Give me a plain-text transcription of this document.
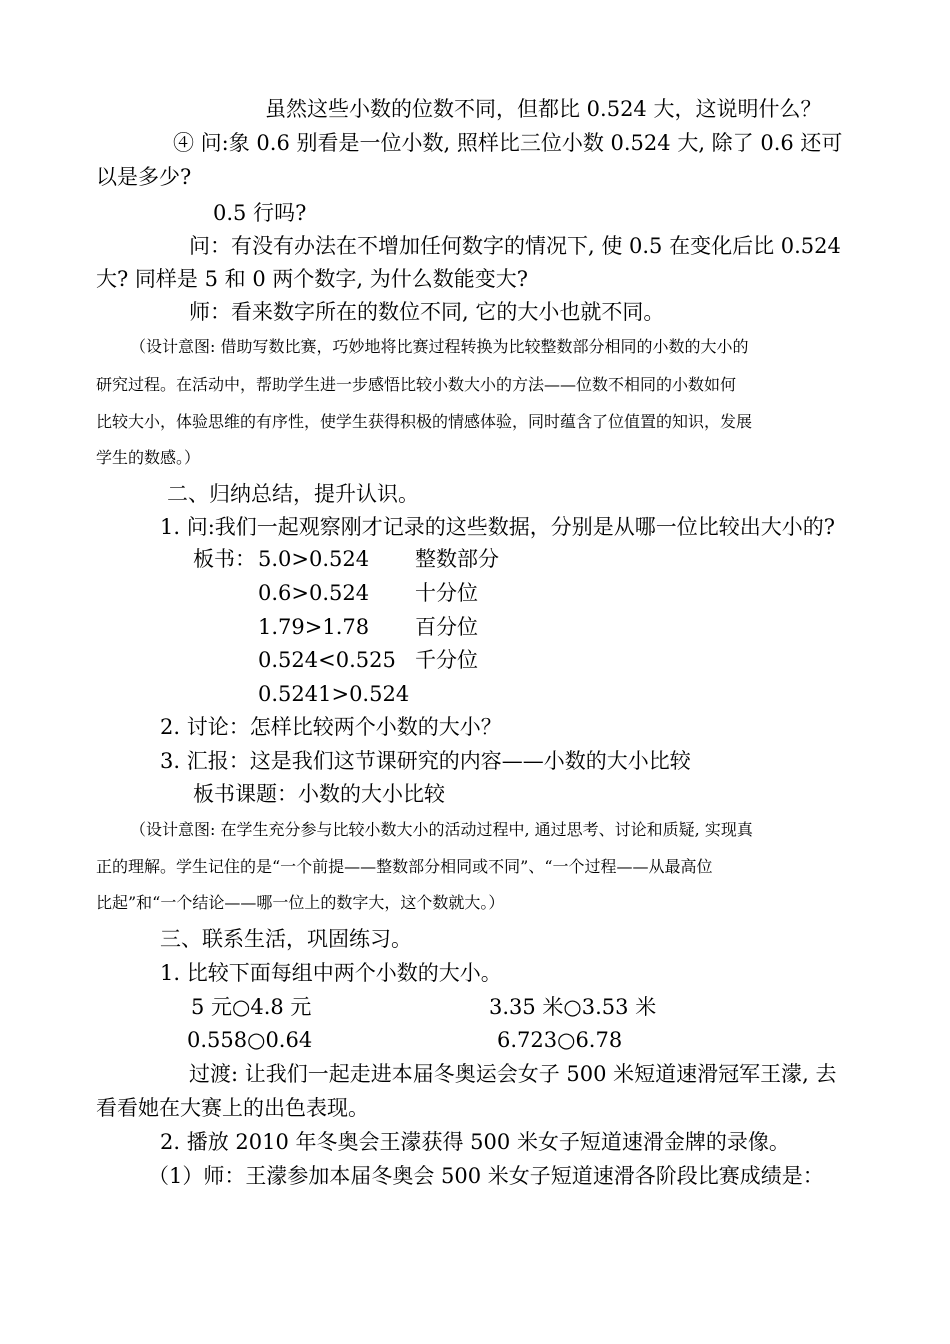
虽然这些小数的位数不同，但都比 0.524 大，这说明什么？
④ 问:象 0.6 别看是一位小数, 照样比三位小数 0.524 大, 除了 0.6 还可
以是多少?
0.5 行吗?
问：有没有办法在不增加任何数字的情况下, 使 0.5 在变化后比 0.524
大? 同样是 5 和 0 两个数字, 为什么数能变大?
师：看来数字所在的数位不同, 它的大小也就不同。
（设计意图: 借助写数比赛，巧妙地将比赛过程转换为比较整数部分相同的小数的大小的
研究过程。在活动中，帮助学生进一步感悟比较小数大小的方法——位数不相同的小数如何
比较大小，体验思维的有序性，使学生获得积极的情感体验，同时蕴含了位值置的知识，发展
学生的数感。）
二、归纳总结，提升认识。
1. 问:我们一起观察刚才记录的这些数据，分别是从哪一位比较出大小的?
板书： 5.0>0.524 整数部分
0.6>0.524 十分位
1.79>1.78 百分位
0.524<0.525 千分位
0.5241>0.524
2. 讨论：怎样比较两个小数的大小？
3. 汇报：这是我们这节课研究的内容——小数的大小比较
板书课题：小数的大小比较
（设计意图: 在学生充分参与比较小数大小的活动过程中, 通过思考、讨论和质疑, 实现真
正的理解。学生记住的是“一个前提——整数部分相同或不同”、“一个过程——从最高位
比起”和“一个结论——哪一位上的数字大，这个数就大。）
三、联系生活，巩固练习。
1. 比较下面每组中两个小数的大小。
5 元○4.8 元	3.35 米○3.53 米
0.558○0.64	6.723○6.78
过渡: 让我们一起走进本届冬奥运会女子 500 米短道速滑冠军王濛, 去
看看她在大赛上的出色表现。
2. 播放 2010 年冬奥会王濛获得 500 米女子短道速滑金牌的录像。
（1）师：王濛参加本届冬奥会 500 米女子短道速滑各阶段比赛成绩是：
